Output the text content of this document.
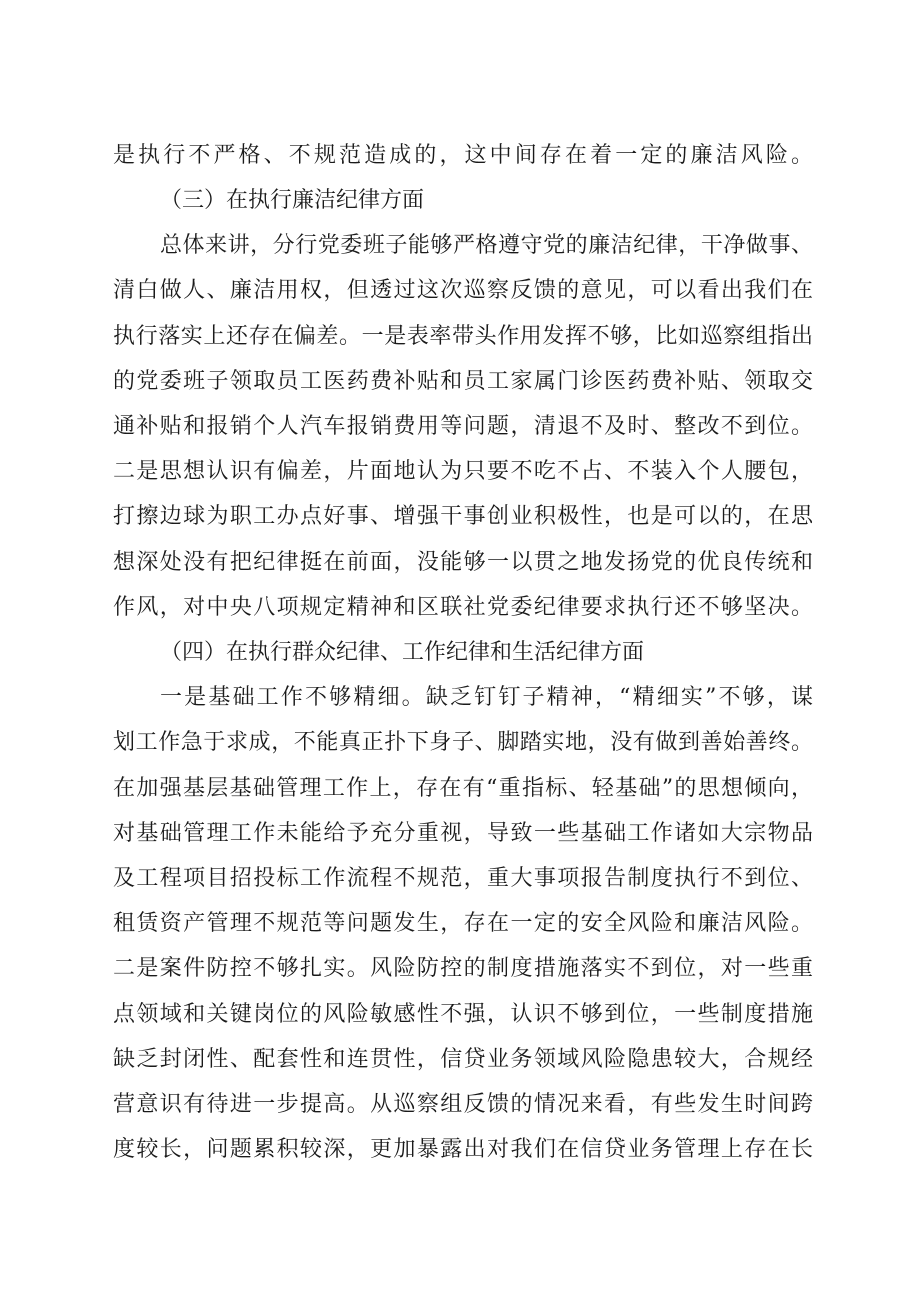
是执行不严格、不规范造成的，这中间存在着一定的廉洁风险。
（三）在执行廉洁纪律方面
总体来讲，分行党委班子能够严格遵守党的廉洁纪律，干净做事、
清白做人、廉洁用权，但透过这次巡察反馈的意见，可以看出我们在
执行落实上还存在偏差。一是表率带头作用发挥不够，比如巡察组指出
的党委班子领取员工医药费补贴和员工家属门诊医药费补贴、领取交
通补贴和报销个人汽车报销费用等问题，清退不及时、整改不到位。
二是思想认识有偏差，片面地认为只要不吃不占、不装入个人腰包，
打擦边球为职工办点好事、增强干事创业积极性，也是可以的，在思
想深处没有把纪律挺在前面，没能够一以贯之地发扬党的优良传统和
作风，对中央八项规定精神和区联社党委纪律要求执行还不够坚决。
（四）在执行群众纪律、工作纪律和生活纪律方面
一是基础工作不够精细。缺乏钉钉子精神，“精细实”不够，谋
划工作急于求成，不能真正扑下身子、脚踏实地，没有做到善始善终。
在加强基层基础管理工作上，存在有“重指标、轻基础”的思想倾向，
对基础管理工作未能给予充分重视，导致一些基础工作诸如大宗物品
及工程项目招投标工作流程不规范，重大事项报告制度执行不到位、
租赁资产管理不规范等问题发生，存在一定的安全风险和廉洁风险。
二是案件防控不够扎实。风险防控的制度措施落实不到位，对一些重
点领域和关键岗位的风险敏感性不强，认识不够到位，一些制度措施
缺乏封闭性、配套性和连贯性，信贷业务领域风险隐患较大，合规经
营意识有待进一步提高。从巡察组反馈的情况来看，有些发生时间跨
度较长，问题累积较深，更加暴露出对我们在信贷业务管理上存在长
